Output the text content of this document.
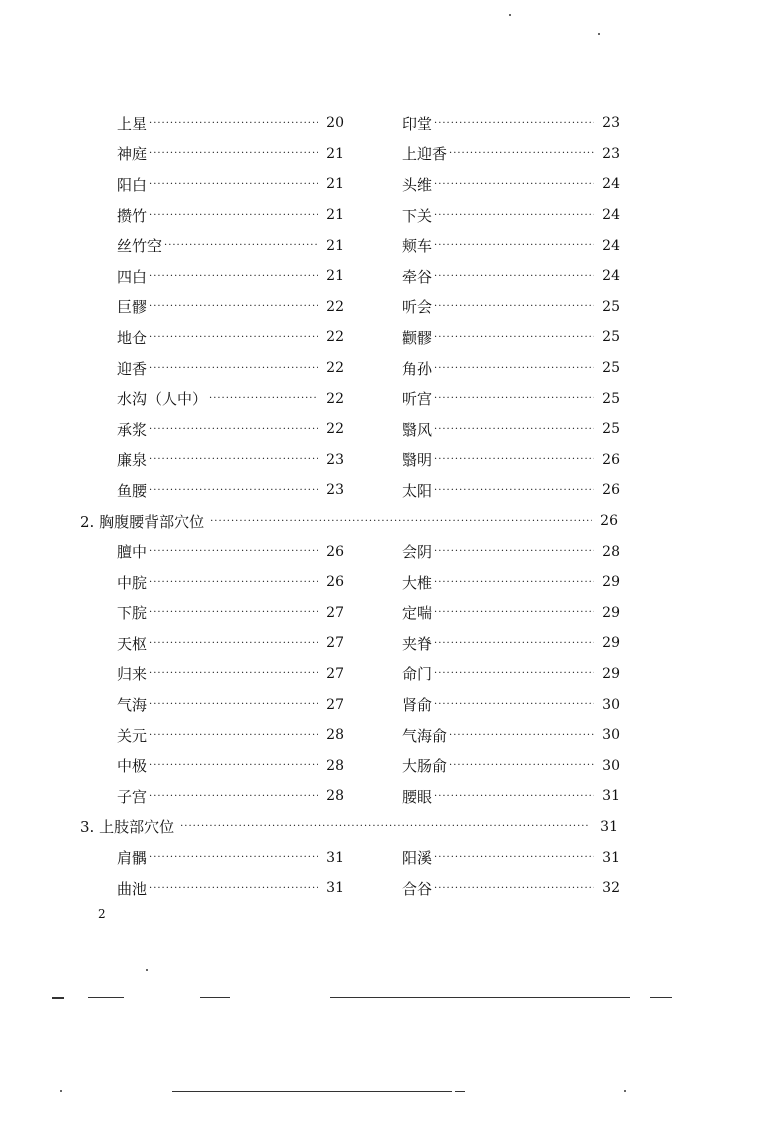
上星 ·····	20	印堂 ·····	23
神庭 ·····	21	上迎香 ·····	23
阳白 ·····	21	头维 ·····	24
攒竹 ·····	21	下关 ·····	24
丝竹空 ·····	21	颊车 ·····	24
四白 ·····	21	牵谷 ·····	24
巨髎 ·····	22	听会 ·····	25
地仓 ·····	22	颧髎 ·····	25
迎香 ·····	22	角孙 ·····	25
水沟（人中） ·····	22	听宫 ·····	25
承浆 ·····	22	翳风 ·····	25
廉泉 ·····	23	翳明 ·····	26
鱼腰 ·····	23	太阳 ·····	26
2. 胸腹腰背部穴位 ·····	26
膻中 ·····	26	会阴 ·····	28
中脘 ·····	26	大椎 ·····	29
下脘 ·····	27	定喘 ·····	29
天枢 ·····	27	夹脊 ·····	29
归来 ·····	27	命门 ·····	29
气海 ·····	27	肾俞 ·····	30
关元 ·····	28	气海俞 ·····	30
中极 ·····	28	大肠俞 ·····	30
子宫 ·····	28	腰眼 ·····	31
3. 上肢部穴位 ·····	31
肩髃 ·····	31	阳溪 ·····	31
曲池 ·····	31	合谷 ·····	32
2
